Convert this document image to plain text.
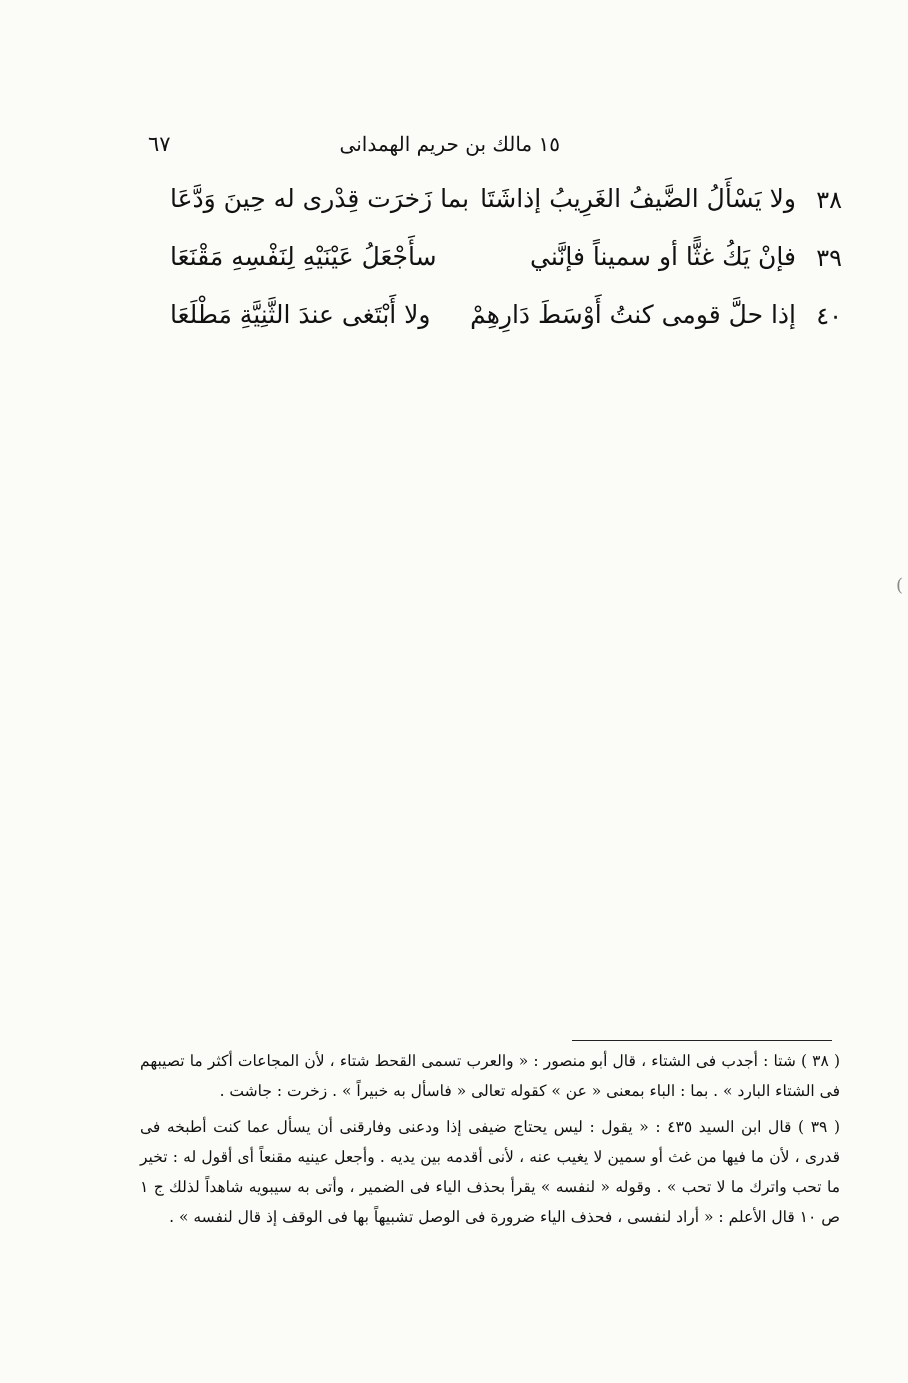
١٥ مالك بن حريم الهمدانى
٦٧
٣٨
ولا يَسْأَلُ الضَّيفُ الغَرِيبُ إذاشَتَا
بما زَخرَت قِدْرى له حِينَ وَدَّعَا
٣٩
فإنْ يَكُ غثًّا أو سميناً فإنَّني
سأَجْعَلُ عَيْنَيْهِ لِنَفْسِهِ مَقْنَعَا
٤٠
إذا حلَّ قومى كنتُ أَوْسَطَ دَارِهِمْ
ولا أَبْتَغى عندَ الثَّنِيَّةِ مَطْلَعَا

( ٣٨ ) شتا : أجدب فى الشتاء ، قال أبو منصور : « والعرب تسمى القحط شتاء ، لأن المجاعات أكثر ما تصيبهم فى الشتاء البارد » . بما : الباء بمعنى « عن » كقوله تعالى « فاسأل به خبيراً » . زخرت : جاشت .

( ٣٩ ) قال ابن السيد ٤٣٥ : « يقول : ليس يحتاج ضيفى إذا ودعنى وفارقنى أن يسأل عما كنت أطبخه فى قدرى ، لأن ما فيها من غث أو سمين لا يغيب عنه ، لأنى أقدمه بين يديه . وأجعل عينيه مقنعاً أى أقول له : تخير ما تحب واترك ما لا تحب » . وقوله « لنفسه » يقرأ بحذف الياء فى الضمير ، وأتى به سيبويه شاهداً لذلك ج ١ ص ١٠ قال الأعلم : « أراد لنفسى ، فحذف الياء ضرورة فى الوصل تشبيهاً بها فى الوقف إذ قال لنفسه » .

(
